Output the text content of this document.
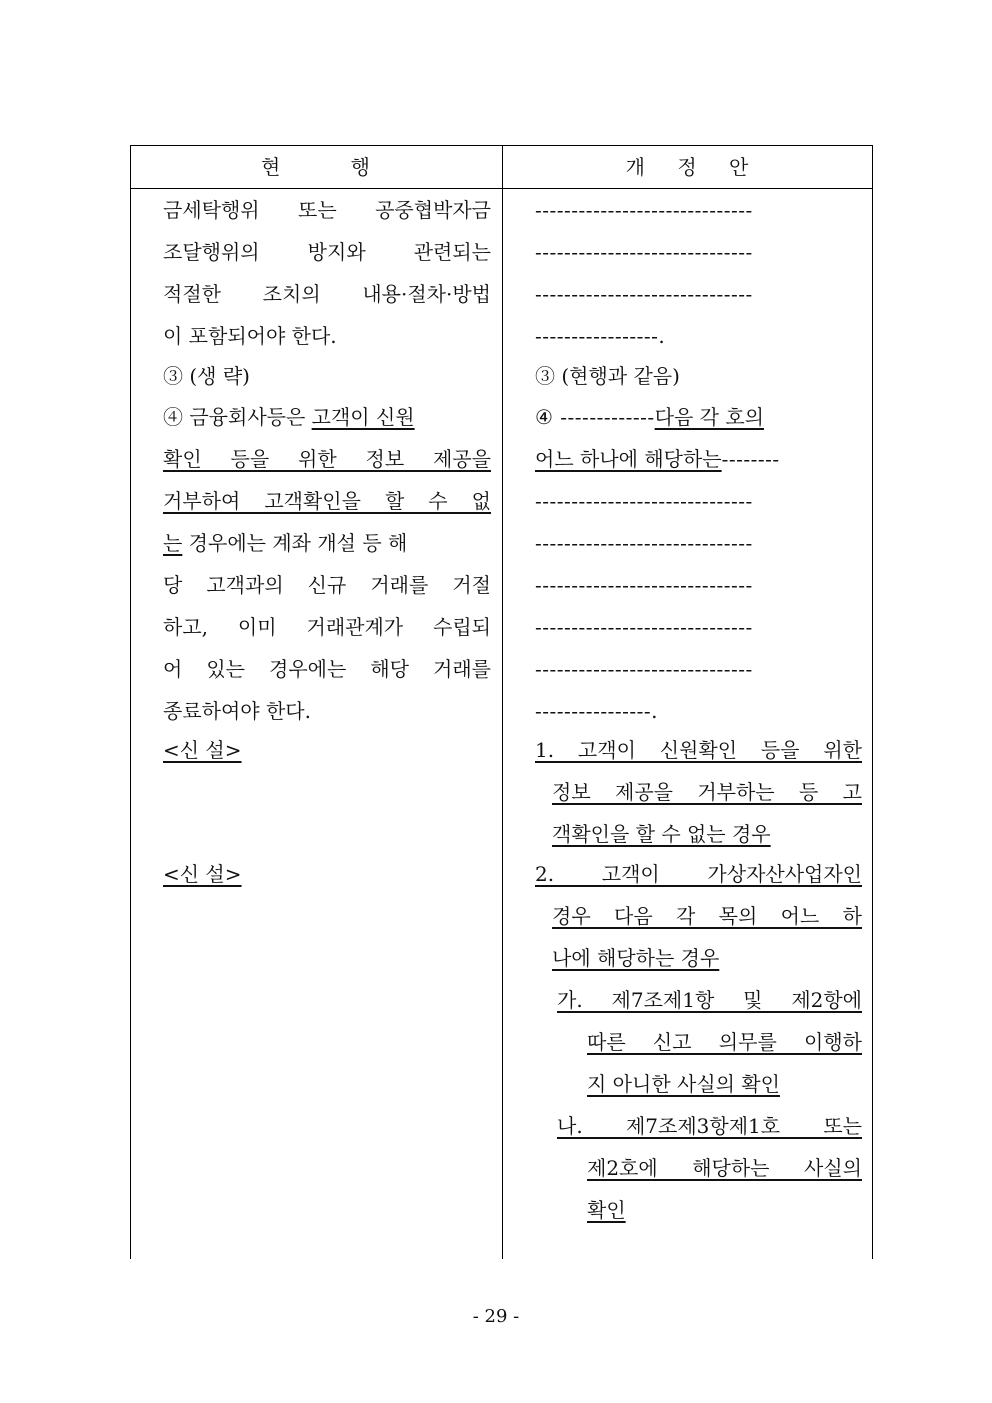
현 행	개 정 안
금세탁행위 또는 공중협박자금
조달행위의 방지와 관련되는
적절한 조치의 내용·절차·방법
이 포함되어야 한다.
③ (생 략)
④ 금융회사등은 고객이 신원
확인 등을 위한 정보 제공을
거부하여 고객확인을 할 수 없
는 경우에는 계좌 개설 등 해
당 고객과의 신규 거래를 거절
하고, 이미 거래관계가 수립되
어 있는 경우에는 해당 거래를
종료하여야 한다.
<신 설>
<신 설>
------------------------------
------------------------------
------------------------------
-----------------.
③ (현행과 같음)
④ -------------다음 각 호의
어느 하나에 해당하는--------
------------------------------
------------------------------
------------------------------
------------------------------
------------------------------
----------------.
1. 고객이 신원확인 등을 위한
정보 제공을 거부하는 등 고
객확인을 할 수 없는 경우
2. 고객이 가상자산사업자인
경우 다음 각 목의 어느 하
나에 해당하는 경우
가. 제7조제1항 및 제2항에
따른 신고 의무를 이행하
지 아니한 사실의 확인
나. 제7조제3항제1호 또는
제2호에 해당하는 사실의
확인
- 29 -
